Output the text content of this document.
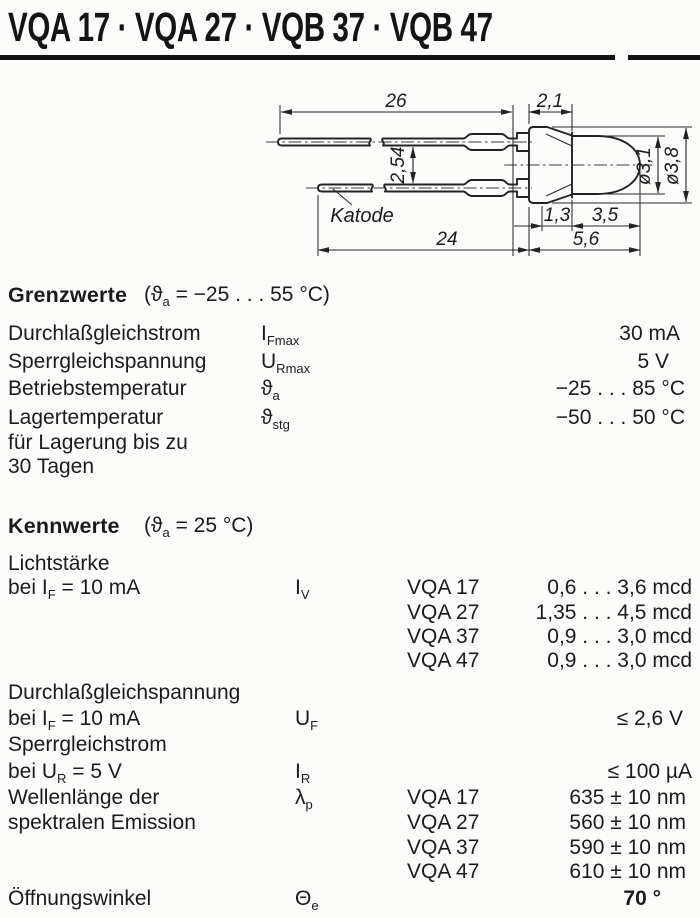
VQA 17 · VQA 27 · VQB 37 · VQB 47
26	2,1
2,54	ø3,1 ø3,8
Katode	1,3 3,5
24	5,6
Grenzwerte ($ϑ_a = -25$ . . . 55 °C)
Durchlaßgleichstrom	$I_{Fmax}$	30 mA
Sperrgleichspannung	$U_{Rmax}$	5 V
Betriebstemperatur	$ϑ_a$	−25 . . . 85 °C
Lagertemperatur	$ϑ_{stg}$	−50 . . . 50 °C
für Lagerung bis zu
30 Tagen
Kennwerte ($ϑ_a = 25$ °C)
Lichtstärke
bei $I_F = 10$ mA	$I_V$	VQA 17	0,6 . . . 3,6 mcd
VQA 27	1,35 . . . 4,5 mcd
VQA 37	0,9 . . . 3,0 mcd
VQA 47	0,9 . . . 3,0 mcd
Durchlaßgleichspannung
bei $I_F = 10$ mA	$U_F$	≤ 2,6 V
Sperrgleichstrom
bei $U_R = 5$ V	$I_R$	≤ 100 µA
Wellenlänge der	$\lambda_p$	VQA 17	635 ± 10 nm
spektralen Emission	VQA 27	560 ± 10 nm
VQA 37	590 ± 10 nm
VQA 47	610 ± 10 nm
Öffnungswinkel	$\Theta_e$	70 °
